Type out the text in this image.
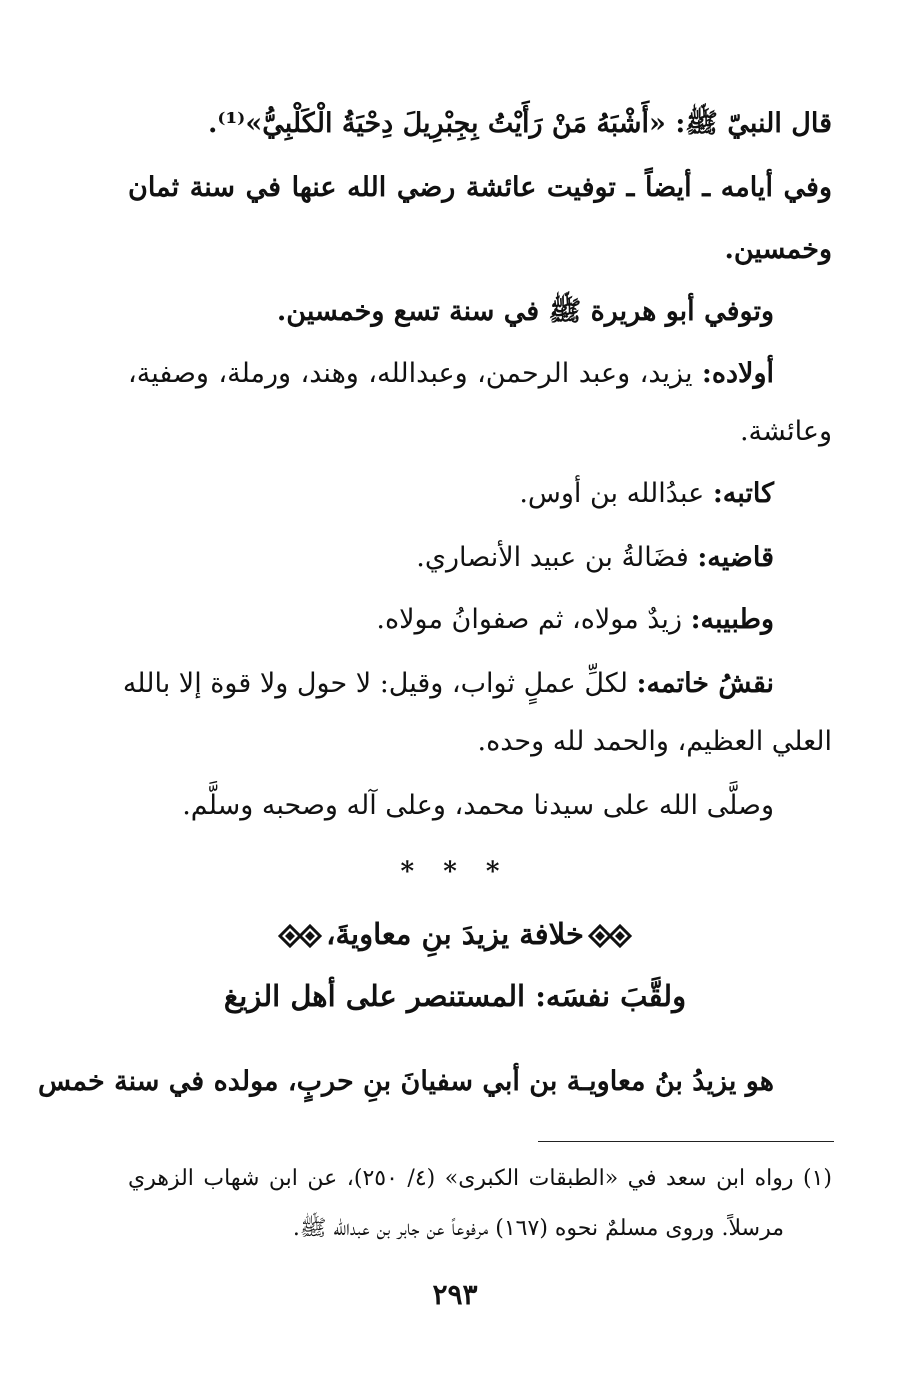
قال النبيّ ﷺ: «أَشْبَهُ مَنْ رَأَيْتُ بِجِبْرِيلَ دِحْيَةُ الْكَلْبِيُّ»⁽¹⁾.
وفي أيامه ـ أيضاً ـ توفيت عائشة رضي الله عنها في سنة ثمان
وخمسين.
وتوفي أبو هريرة ﷺ في سنة تسع وخمسين.
أولاده: يزيد، وعبد الرحمن، وعبدالله، وهند، ورملة، وصفية،
وعائشة.
كاتبه: عبدُالله بن أوس.
قاضيه: فضَالةُ بن عبيد الأنصاري.
وطبيبه: زيدٌ مولاه، ثم صفوانُ مولاه.
نقشُ خاتمه: لكلِّ عملٍ ثواب، وقيل: لا حول ولا قوة إلا بالله
العلي العظيم، والحمد لله وحده.
وصلَّى الله على سيدنا محمد، وعلى آله وصحبه وسلَّم.
* * *
خلافة يزيدَ بنِ معاويةَ،
ولقَّبَ نفسَه: المستنصر على أهل الزيغ
هو يزيدُ بنُ معاويـة بن أبي سفيانَ بنِ حربٍ، مولده في سنة خمس
(١) رواه ابن سعد في «الطبقات الكبرى» (٤/ ٢٥٠)، عن ابن شهاب الزهري
مرسلاً. وروى مسلمٌ نحوه (١٦٧) مرفوعاً عن جابر بن عبدالله ﷺ.
٢٩٣
